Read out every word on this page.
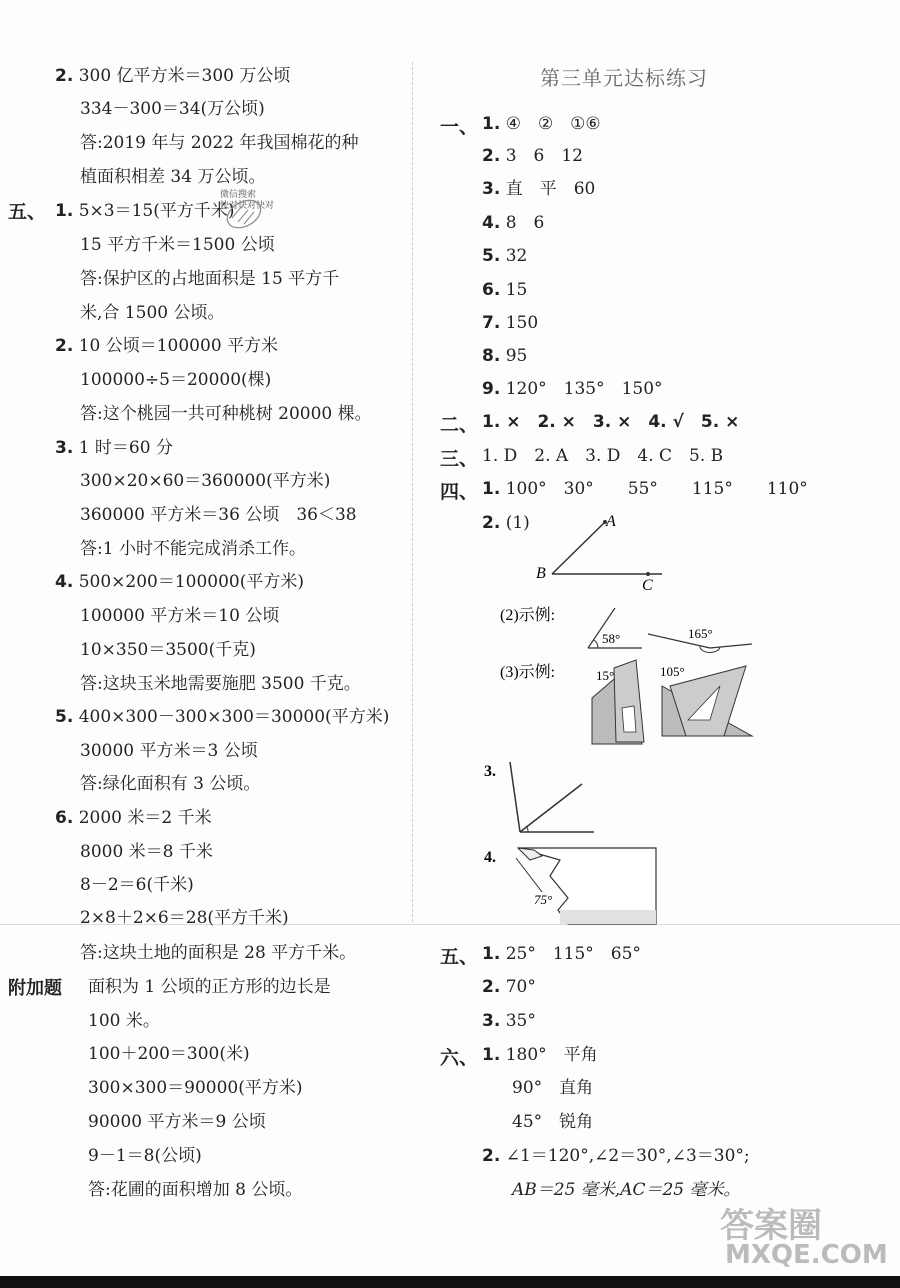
2. 300 亿平方米＝300 万公顷
334－300＝34(万公顷)
答:2019 年与 2022 年我国棉花的种
植面积相差 34 万公顷。
五、 1. 5×3＝15(平方千米)
15 平方千米＝1500 公顷
答:保护区的占地面积是 15 平方千
米,合 1500 公顷。
微信搜索
快对快对快对
2. 10 公顷＝100000 平方米
100000÷5＝20000(棵)
答:这个桃园一共可种桃树 20000 棵。
3. 1 时＝60 分
300×20×60＝360000(平方米)
360000 平方米＝36 公顷　36＜38
答:1 小时不能完成消杀工作。
4. 500×200＝100000(平方米)
100000 平方米＝10 公顷
10×350＝3500(千克)
答:这块玉米地需要施肥 3500 千克。
5. 400×300－300×300＝30000(平方米)
30000 平方米＝3 公顷
答:绿化面积有 3 公顷。
6. 2000 米＝2 千米
8000 米＝8 千米
8－2＝6(千米)
2×8＋2×6＝28(平方千米)
答:这块土地的面积是 28 平方千米。
附加题 面积为 1 公顷的正方形的边长是
100 米。
100＋200＝300(米)
300×300＝90000(平方米)
90000 平方米＝9 公顷
9－1＝8(公顷)
答:花圃的面积增加 8 公顷。
第三单元达标练习
一、 1. ④　②　①⑥
2. 3　6　12
3. 直　平　60
4. 8　6
5. 32
6. 15
7. 150
8. 95
9. 120°　135°　150°
二、 1. ×　2. ×　3. ×　4. √　5. ×
三、 1. D　2. A　3. D　4. C　5. B
四、 1. 100°　30°　　55°　　115°　　110°
2. (1)	A
B
C
(2)示例:
58°	165°
(3)示例:	15°	105°
3.
4.
75°
五、 1. 25°　115°　65°
2. 70°
3. 35°
六、 1. 180°　平角
90°　直角
45°　锐角
2. ∠1＝120°,∠2＝30°,∠3＝30°;
AB＝25 毫米,AC＝25 毫米。
答案圈
MXQE.COM
